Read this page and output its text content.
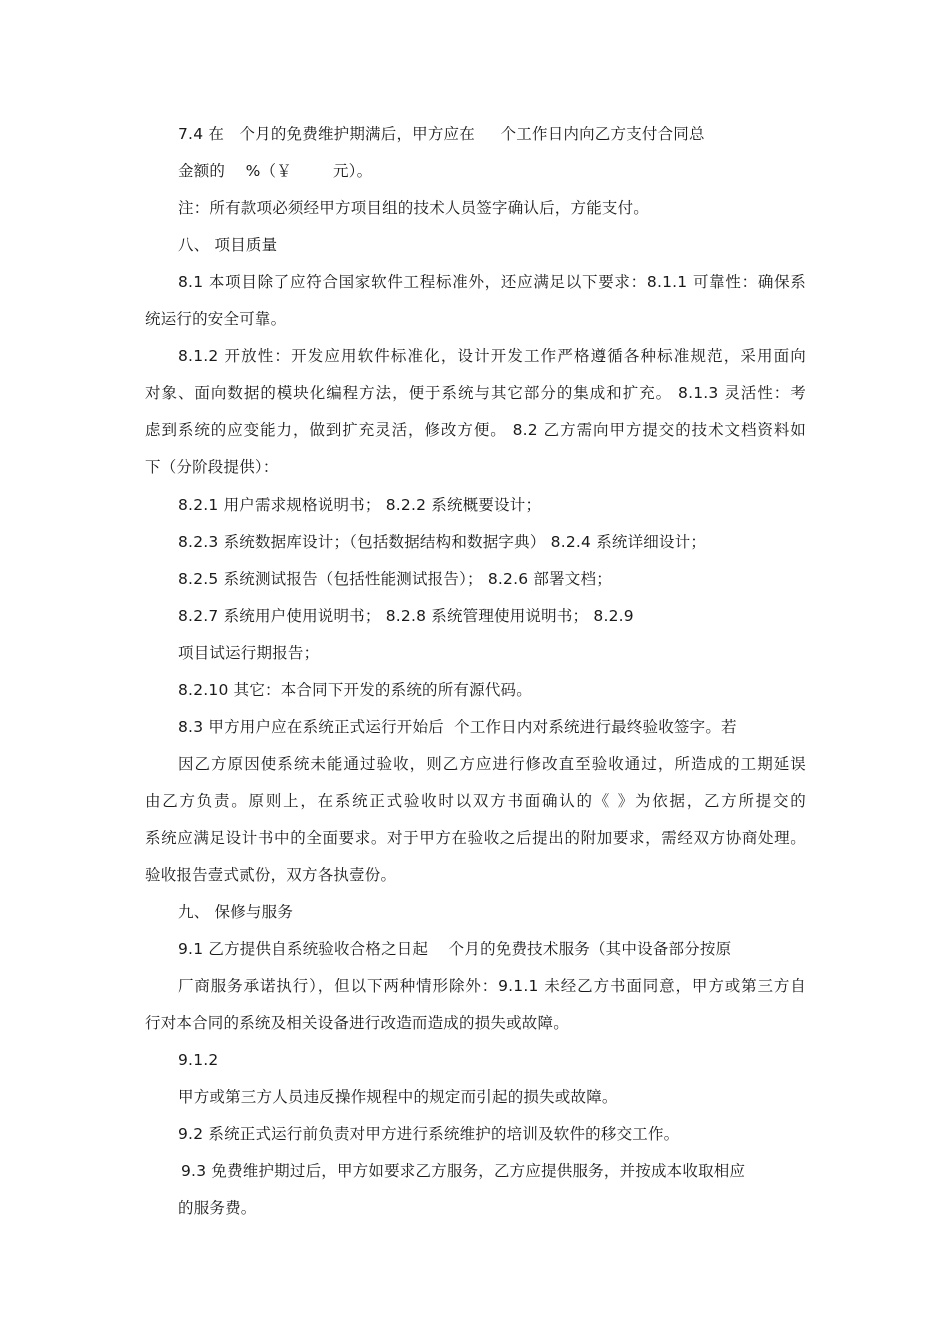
7.4 在   个月的免费维护期满后，甲方应在     个工作日内向乙方支付合同总
金额的    %（￥        元）。
注：所有款项必须经甲方项目组的技术人员签字确认后，方能支付。
八、 项目质量
8.1 本项目除了应符合国家软件工程标准外，还应满足以下要求：8.1.1 可靠性：确保系
统运行的安全可靠。
8.1.2 开放性：开发应用软件标准化，设计开发工作严格遵循各种标准规范，采用面向
对象、面向数据的模块化编程方法，便于系统与其它部分的集成和扩充。 8.1.3 灵活性：考
虑到系统的应变能力，做到扩充灵活，修改方便。 8.2 乙方需向甲方提交的技术文档资料如
下（分阶段提供）：
8.2.1 用户需求规格说明书； 8.2.2 系统概要设计；
8.2.3 系统数据库设计；（包括数据结构和数据字典） 8.2.4 系统详细设计；
8.2.5 系统测试报告（包括性能测试报告）； 8.2.6 部署文档；
8.2.7 系统用户使用说明书； 8.2.8 系统管理使用说明书； 8.2.9
项目试运行期报告；
8.2.10 其它：本合同下开发的系统的所有源代码。
8.3 甲方用户应在系统正式运行开始后  个工作日内对系统进行最终验收签字。若
因乙方原因使系统未能通过验收，则乙方应进行修改直至验收通过，所造成的工期延误
由乙方负责。原则上，在系统正式验收时以双方书面确认的《 》为依据，乙方所提交的
系统应满足设计书中的全面要求。对于甲方在验收之后提出的附加要求，需经双方协商处理。
验收报告壹式贰份，双方各执壹份。
九、 保修与服务
9.1 乙方提供自系统验收合格之日起    个月的免费技术服务（其中设备部分按原
厂商服务承诺执行），但以下两种情形除外：9.1.1 未经乙方书面同意，甲方或第三方自
行对本合同的系统及相关设备进行改造而造成的损失或故障。
9.1.2
甲方或第三方人员违反操作规程中的规定而引起的损失或故障。
9.2 系统正式运行前负责对甲方进行系统维护的培训及软件的移交工作。
9.3 免费维护期过后，甲方如要求乙方服务，乙方应提供服务，并按成本收取相应
的服务费。
